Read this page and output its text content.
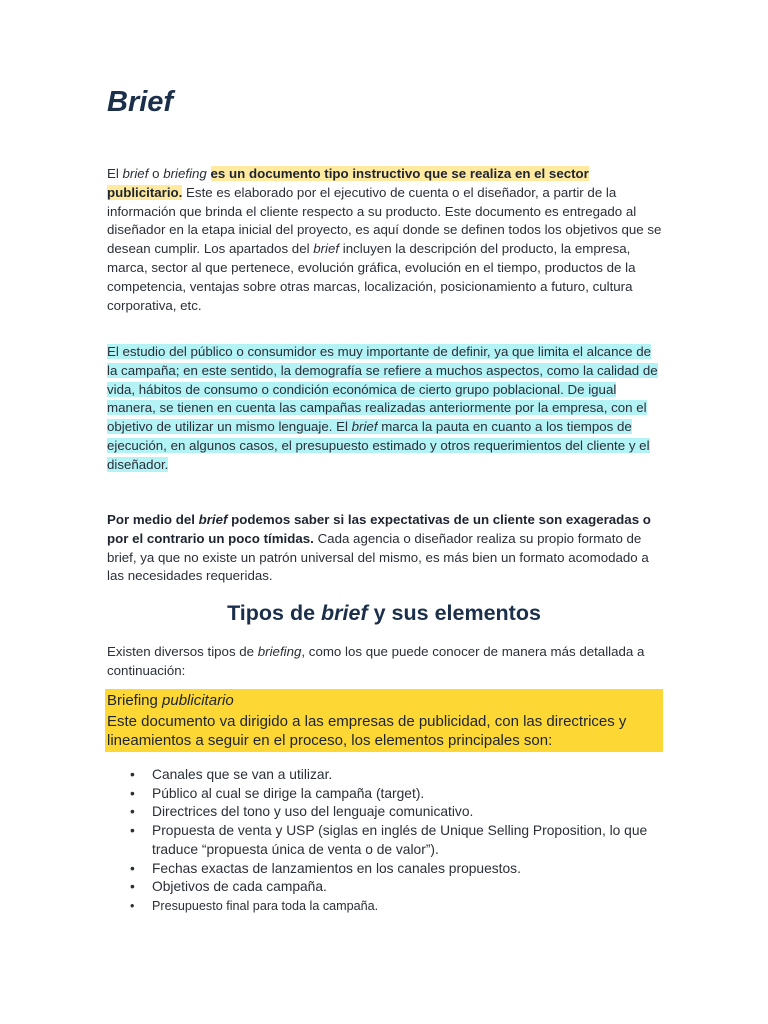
Brief

El brief o briefing es un documento tipo instructivo que se realiza en el sector publicitario. Este es elaborado por el ejecutivo de cuenta o el diseñador, a partir de la información que brinda el cliente respecto a su producto. Este documento es entregado al diseñador en la etapa inicial del proyecto, es aquí donde se definen todos los objetivos que se desean cumplir. Los apartados del brief incluyen la descripción del producto, la empresa, marca, sector al que pertenece, evolución gráfica, evolución en el tiempo, productos de la competencia, ventajas sobre otras marcas, localización, posicionamiento a futuro, cultura corporativa, etc.

El estudio del público o consumidor es muy importante de definir, ya que limita el alcance de la campaña; en este sentido, la demografía se refiere a muchos aspectos, como la calidad de vida, hábitos de consumo o condición económica de cierto grupo poblacional. De igual manera, se tienen en cuenta las campañas realizadas anteriormente por la empresa, con el objetivo de utilizar un mismo lenguaje. El brief marca la pauta en cuanto a los tiempos de ejecución, en algunos casos, el presupuesto estimado y otros requerimientos del cliente y el diseñador.

Por medio del brief podemos saber si las expectativas de un cliente son exageradas o por el contrario un poco tímidas. Cada agencia o diseñador realiza su propio formato de brief, ya que no existe un patrón universal del mismo, es más bien un formato acomodado a las necesidades requeridas.

Tipos de brief y sus elementos

Existen diversos tipos de briefing, como los que puede conocer de manera más detallada a continuación:

Briefing publicitario

Este documento va dirigido a las empresas de publicidad, con las directrices y lineamientos a seguir en el proceso, los elementos principales son:

• Canales que se van a utilizar.
• Público al cual se dirige la campaña (target).
• Directrices del tono y uso del lenguaje comunicativo.
• Propuesta de venta y USP (siglas en inglés de Unique Selling Proposition, lo que traduce “propuesta única de venta o de valor”).
• Fechas exactas de lanzamientos en los canales propuestos.
• Objetivos de cada campaña.
• Presupuesto final para toda la campaña.
